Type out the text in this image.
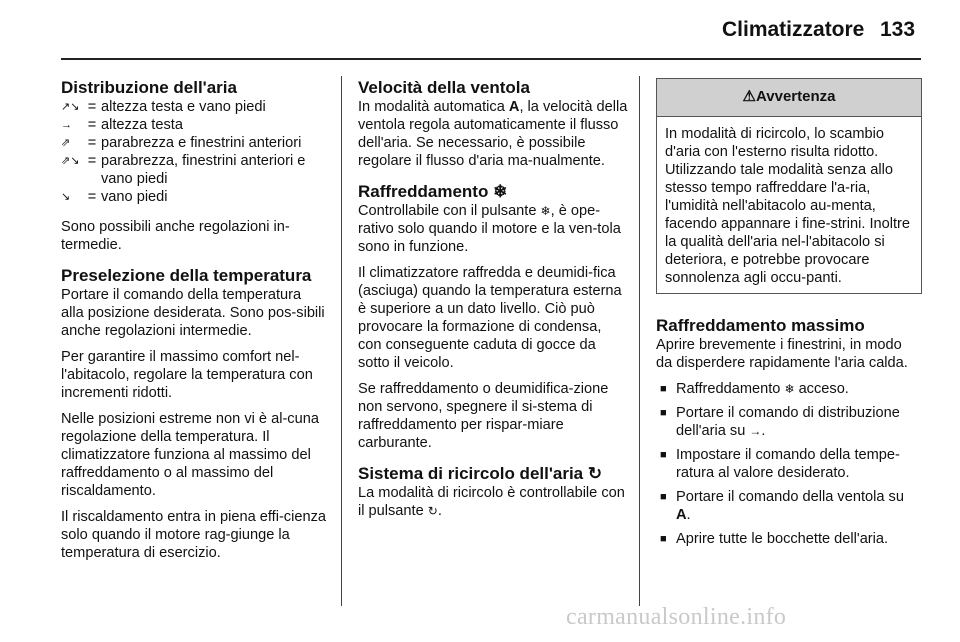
Climatizzatore 133
Distribuzione dell'aria
↗↘ = altezza testa e vano piedi
→	= altezza testa
⇗	= parabrezza e finestrini anteriori
⇗↘ = parabrezza, finestrini anteriori e vano piedi
↘	= vano piedi

Sono possibili anche regolazioni in-termedie.

Preselezione della temperatura

Portare il comando della temperatura alla posizione desiderata. Sono pos-sibili anche regolazioni intermedie.

Per garantire il massimo comfort nel-l'abitacolo, regolare la temperatura con incrementi ridotti.

Nelle posizioni estreme non vi è al-cuna regolazione della temperatura. Il climatizzatore funziona al massimo del raffreddamento o al massimo del riscaldamento.

Il riscaldamento entra in piena effi-cienza solo quando il motore rag-giunge la temperatura di esercizio.

Velocità della ventola

In modalità automatica A, la velocità della ventola regola automaticamente il flusso dell'aria. Se necessario, è possibile regolare il flusso d'aria ma-nualmente.

Raffreddamento ❄

Controllabile con il pulsante ❄, è ope-rativo solo quando il motore e la ven-tola sono in funzione.

Il climatizzatore raffredda e deumidi-fica (asciuga) quando la temperatura esterna è superiore a un dato livello. Ciò può provocare la formazione di condensa, con conseguente caduta di gocce da sotto il veicolo.

Se raffreddamento o deumidifica-zione non servono, spegnere il si-stema di raffreddamento per rispar-miare carburante.

Sistema di ricircolo dell'aria ↻

La modalità di ricircolo è controllabile con il pulsante ↻.

⚠Avvertenza
In modalità di ricircolo, lo scambio d'aria con l'esterno risulta ridotto. Utilizzando tale modalità senza allo stesso tempo raffreddare l'a-ria, l'umidità nell'abitacolo au-menta, facendo appannare i fine-strini. Inoltre la qualità dell'aria nel-l'abitacolo si deteriora, e potrebbe provocare sonnolenza agli occu-panti.
Raffreddamento massimo

Aprire brevemente i finestrini, in modo da disperdere rapidamente l'aria calda.

■ Raffreddamento ❄ acceso.
■ Portare il comando di distribuzione dell'aria su →.
■ Impostare il comando della tempe-ratura al valore desiderato.
■ Portare il comando della ventola su A.
■ Aprire tutte le bocchette dell'aria.
carmanualsonline.info
